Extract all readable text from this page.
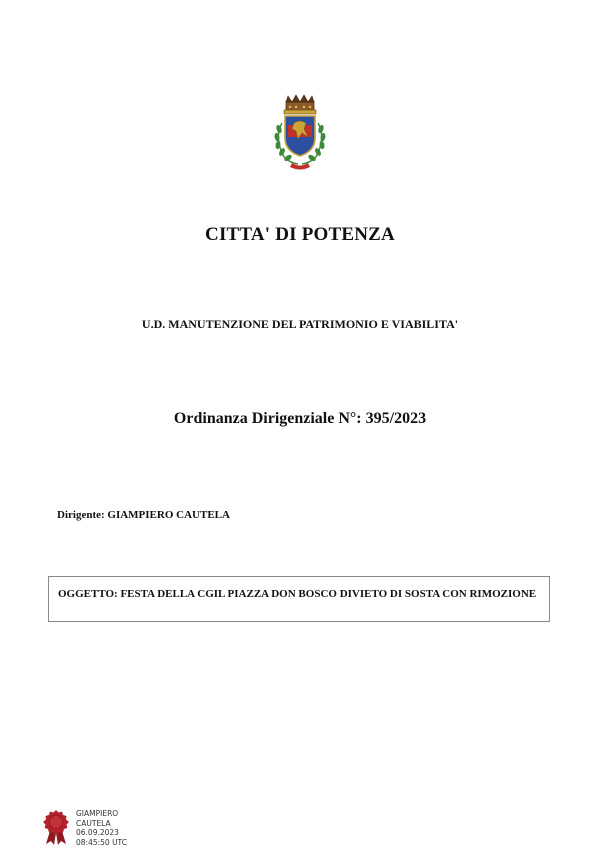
CITTA' DI POTENZA
U.D. MANUTENZIONE DEL PATRIMONIO E VIABILITA'
Ordinanza Dirigenziale N°: 395/2023
Dirigente: GIAMPIERO CAUTELA
OGGETTO: FESTA DELLA CGIL PIAZZA DON BOSCO DIVIETO DI SOSTA CON RIMOZIONE
GIAMPIERO
CAUTELA
06.09.2023
08:45:50 UTC
